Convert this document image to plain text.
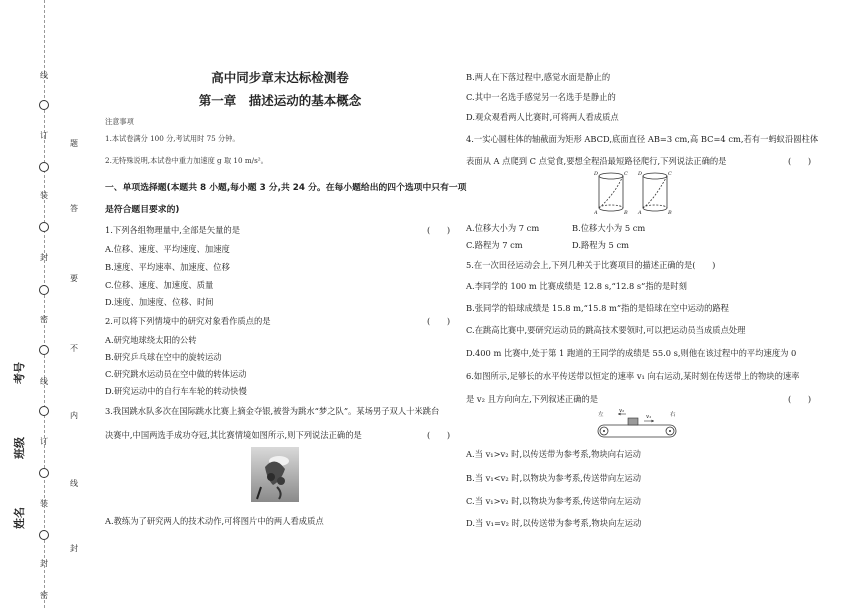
线
订
装
封
密
线
订
装
封
密
题
答
要
不
内
线
封
考号
班级
姓名
高中同步章末达标检测卷
第一章　描述运动的基本概念
注意事项
1.本试卷满分 100 分,考试用时 75 分钟。
2.无特殊说明,本试卷中重力加速度 g 取 10 m/s²。
一、单项选择题(本题共 8 小题,每小题 3 分,共 24 分。在每小题给出的四个选项中只有一项
是符合题目要求的)
1.下列各组物理量中,全部是矢量的是	(　　)
A.位移、速度、平均速度、加速度
B.速度、平均速率、加速度、位移
C.位移、速度、加速度、质量
D.速度、加速度、位移、时间
2.可以将下列情境中的研究对象看作质点的是	(　　)
A.研究地球绕太阳的公转
B.研究乒乓球在空中的旋转运动
C.研究跳水运动员在空中做的转体运动
D.研究运动中的自行车车轮的转动快慢
3.我国跳水队多次在国际跳水比赛上摘金夺银,被誉为跳水“梦之队”。某场男子双人十米跳台
决赛中,中国两选手成功夺冠,其比赛情境如图所示,则下列说法正确的是	(　　)
A.教练为了研究两人的技术动作,可将图片中的两人看成质点
B.两人在下落过程中,感觉水面是静止的
C.其中一名选手感觉另一名选手是静止的
D.观众观看两人比赛时,可将两人看成质点
4.一实心圆柱体的轴截面为矩形 ABCD,底面直径 AB=3 cm,高 BC=4 cm,若有一蚂蚁沿圆柱体
表面从 A 点爬到 C 点觉食,要想全程沿最短路径爬行,下列说法正确的是	(　　)
D	C
A	B
D	C
A	B
A.位移大小为 7 cm	B.位移大小为 5 cm
C.路程为 7 cm	D.路程为 5 cm
5.在一次田径运动会上,下列几种关于比赛项目的描述正确的是(　　)
A.李同学的 100 m 比赛成绩是 12.8 s,“12.8 s”指的是时刻
B.张同学的铅球成绩是 15.8 m,“15.8 m”指的是铅球在空中运动的路程
C.在跳高比赛中,要研究运动员的跳高技术要领时,可以把运动员当成质点处理
D.400 m 比赛中,处于第 1 跑道的王同学的成绩是 55.0 s,则他在该过程中的平均速度为 0
6.如图所示,足够长的水平传送带以恒定的速率 v₁ 向右运动,某时刻在传送带上的物块的速率
是 v₂ 且方向向左,下列叙述正确的是	(　　)
左	右
v₂
v₁
A.当 v₁>v₂ 时,以传送带为参考系,物块向右运动
B.当 v₁<v₂ 时,以物块为参考系,传送带向左运动
C.当 v₁>v₂ 时,以物块为参考系,传送带向左运动
D.当 v₁=v₂ 时,以传送带为参考系,物块向左运动
